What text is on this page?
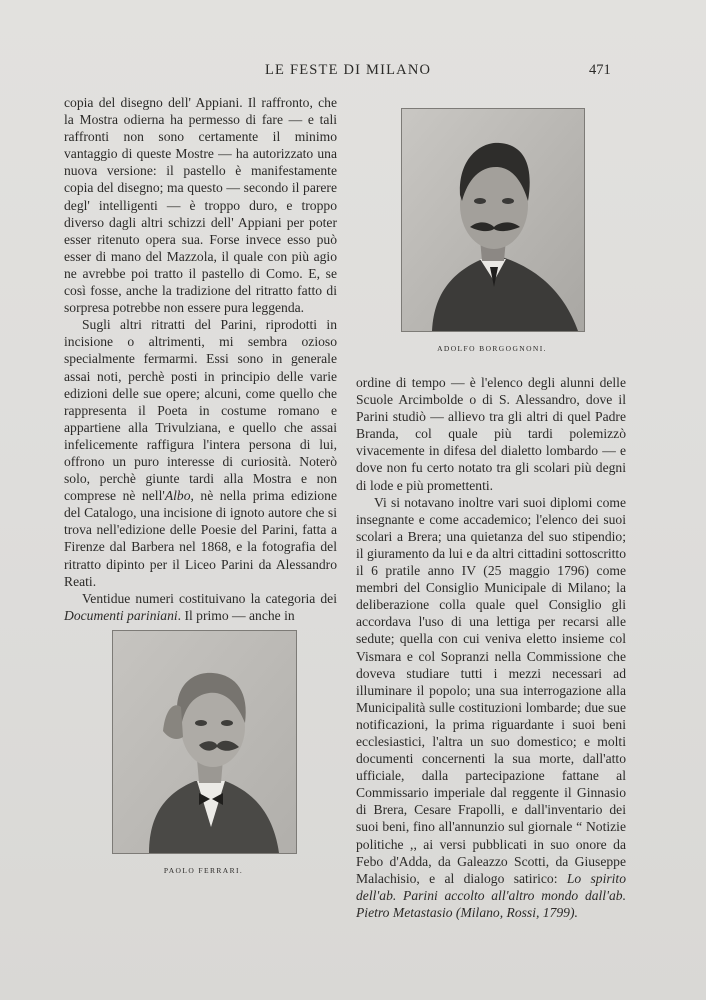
LE FESTE DI MILANO	471

copia del disegno dell' Appiani. Il raffronto, che la Mostra odierna ha permesso di fare — e tali raffronti non sono certamente il minimo vantaggio di queste Mostre — ha autorizzato una nuova versione: il pastello è manifestamente copia del disegno; ma questo — secondo il parere degl' intelligenti — è troppo duro, e troppo diverso dagli altri schizzi dell' Appiani per poter esser ritenuto opera sua. Forse invece esso può esser di mano del Mazzola, il quale con più agio ne avrebbe poi tratto il pastello di Como. E, se così fosse, anche la tradizione del ritratto fatto di sorpresa potrebbe non essere pura leggenda.

Sugli altri ritratti del Parini, riprodotti in incisione o altrimenti, mi sembra ozioso specialmente fermarmi. Essi sono in generale assai noti, perchè posti in principio delle varie edizioni delle sue opere; alcuni, come quello che rappresenta il Poeta in costume romano e appartiene alla Trivulziana, e quello che assai infelicemente raffigura l'intera persona di lui, offrono un puro interesse di curiosità. Noterò solo, perchè giunte tardi alla Mostra e non comprese nè nell'Albo, nè nella prima edizione del Catalogo, una incisione di ignoto autore che si trova nell'edizione delle Poesie del Parini, fatta a Firenze dal Barbera nel 1868, e la fotografia del ritratto dipinto per il Liceo Parini da Alessandro Reati.

Ventidue numeri costituivano la categoria dei Documenti pariniani. Il primo — anche in

ADOLFO BORGOGNONI.

ordine di tempo — è l'elenco degli alunni delle Scuole Arcimbolde o di S. Alessandro, dove il Parini studiò — allievo tra gli altri di quel Padre Branda, col quale più tardi polemizzò vivacemente in difesa del dialetto lombardo — e dove non fu certo notato tra gli scolari più degni di lode e più promettenti.

Vi si notavano inoltre vari suoi diplomi come insegnante e come accademico; l'elenco dei suoi scolari a Brera; una quietanza del suo stipendio; il giuramento da lui e da altri cittadini sottoscritto il 6 pratile anno IV (25 maggio 1796) come membri del Consiglio Municipale di Milano; la deliberazione colla quale quel Consiglio gli accordava l'uso di una lettiga per recarsi alle sedute; quella con cui veniva eletto insieme col Vismara e col Sopranzi nella Commissione che doveva studiare tutti i mezzi necessari ad illuminare il popolo; una sua interrogazione alla Municipalità sulle costituzioni lombarde; due sue notificazioni, la prima riguardante i suoi beni ecclesiastici, l'altra un suo domestico; e molti documenti concernenti la sua morte, dall'atto ufficiale, dalla partecipazione fattane al Commissario imperiale dal reggente il Ginnasio di Brera, Cesare Frapolli, e dall'inventario dei suoi beni, fino all'annunzio sul giornale “ Notizie politiche ,, ai versi pubblicati in suo onore da Febo d'Adda, da Galeazzo Scotti, da Giuseppe Malachisio, e al dialogo satirico: Lo spirito dell'ab. Parini accolto all'altro mondo dall'ab. Pietro Metastasio (Milano, Rossi, 1799).

PAOLO FERRARI.
